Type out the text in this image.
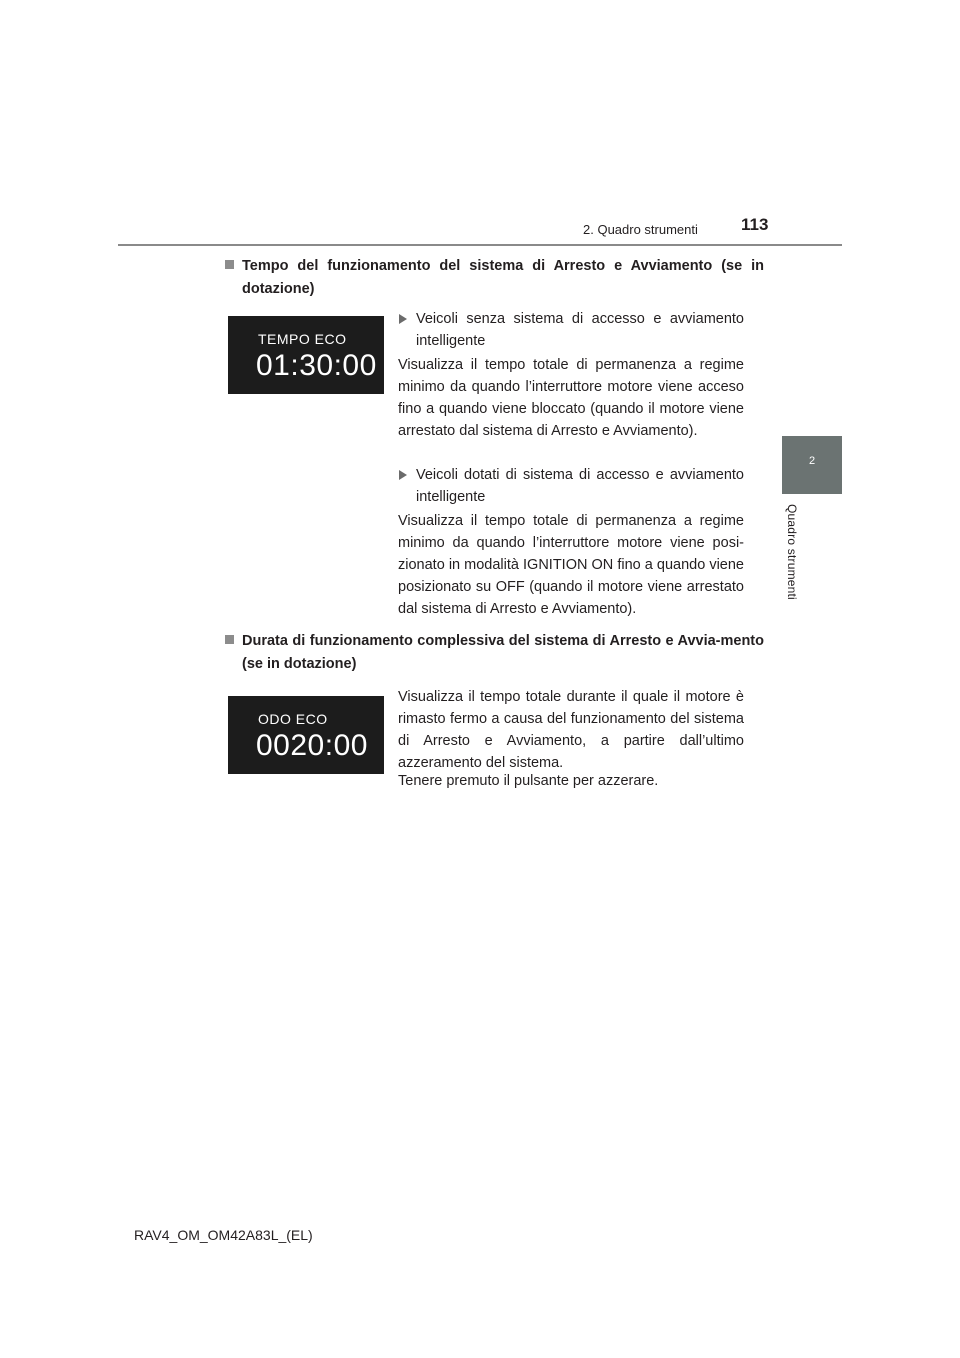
2. Quadro strumenti	113
2
Quadro strumenti
Tempo del funzionamento del sistema di Arresto e Avviamento (se in dotazione)
TEMPO ECO
01:30:00
Veicoli senza sistema di accesso e avviamento intelligente
Visualizza il tempo totale di permanenza a regime minimo da quando l’interruttore motore viene acceso fino a quando viene bloccato (quando il motore viene arrestato dal sistema di Arresto e Avviamento).
Veicoli dotati di sistema di accesso e avviamento intelligente
Visualizza il tempo totale di permanenza a regime minimo da quando l’interruttore motore viene posi-zionato in modalità IGNITION ON fino a quando viene posizionato su OFF (quando il motore viene arrestato dal sistema di Arresto e Avviamento).
Durata di funzionamento complessiva del sistema di Arresto e Avvia-mento (se in dotazione)
ODO ECO
0020:00
Visualizza il tempo totale durante il quale il motore è rimasto fermo a causa del funzionamento del sistema di Arresto e Avviamento, a partire dall’ultimo azzeramento del sistema.
Tenere premuto il pulsante per azzerare.
RAV4_OM_OM42A83L_(EL)
